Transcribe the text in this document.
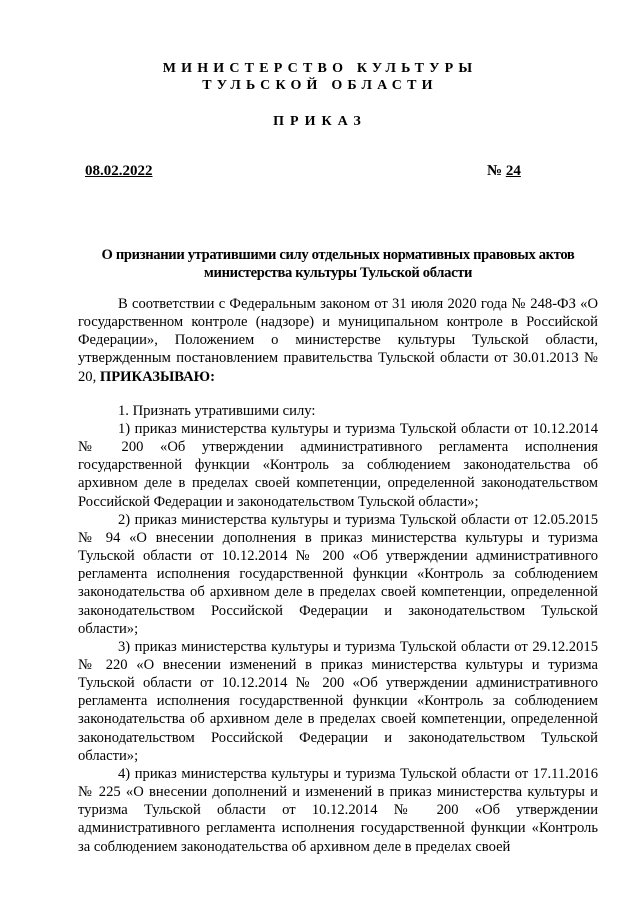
МИНИСТЕРСТВО КУЛЬТУРЫ
ТУЛЬСКОЙ ОБЛАСТИ
ПРИКАЗ
08.02.2022	№ 24
О признании утратившими силу отдельных нормативных правовых актов министерства культуры Тульской области

В соответствии с Федеральным законом от 31 июля 2020 года № 248-ФЗ «О государственном контроле (надзоре) и муниципальном контроле в Российской Федерации», Положением о министерстве культуры Тульской области, утвержденным постановлением правительства Тульской области от 30.01.2013 № 20, ПРИКАЗЫВАЮ:

1. Признать утратившими силу:

1) приказ министерства культуры и туризма Тульской области от 10.12.2014 № 200 «Об утверждении административного регламента исполнения государственной функции «Контроль за соблюдением законодательства об архивном деле в пределах своей компетенции, определенной законодательством Российской Федерации и законодательством Тульской области»;

2) приказ министерства культуры и туризма Тульской области от 12.05.2015 № 94 «О внесении дополнения в приказ министерства культуры и туризма Тульской области от 10.12.2014 № 200 «Об утверждении административного регламента исполнения государственной функции «Контроль за соблюдением законодательства об архивном деле в пределах своей компетенции, определенной законодательством Российской Федерации и законодательством Тульской области»;

3) приказ министерства культуры и туризма Тульской области от 29.12.2015 № 220 «О внесении изменений в приказ министерства культуры и туризма Тульской области от 10.12.2014 № 200 «Об утверждении административного регламента исполнения государственной функции «Контроль за соблюдением законодательства об архивном деле в пределах своей компетенции, определенной законодательством Российской Федерации и законодательством Тульской области»;

4) приказ министерства культуры и туризма Тульской области от 17.11.2016 № 225 «О внесении дополнений и изменений в приказ министерства культуры и туризма Тульской области от 10.12.2014 № 200 «Об утверждении административного регламента исполнения государственной функции «Контроль за соблюдением законодательства об архивном деле в пределах своей
